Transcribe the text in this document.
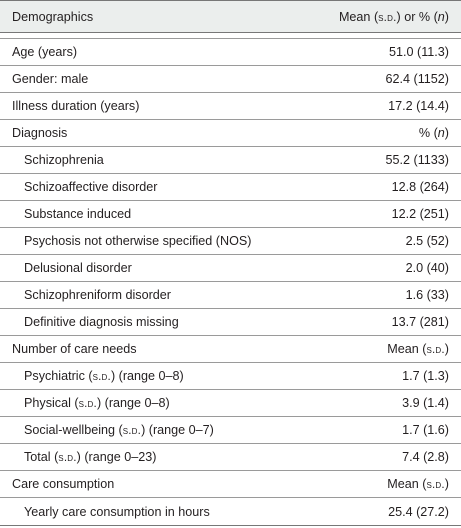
Demographics	Mean (s.d.) or % (n)
Age (years)	51.0 (11.3)
Gender: male	62.4 (1152)
Illness duration (years)	17.2 (14.4)
Diagnosis	% (n)
Schizophrenia	55.2 (1133)
Schizoaffective disorder	12.8 (264)
Substance induced	12.2 (251)
Psychosis not otherwise specified (NOS)	2.5 (52)
Delusional disorder	2.0 (40)
Schizophreniform disorder	1.6 (33)
Definitive diagnosis missing	13.7 (281)
Number of care needs	Mean (s.d.)
Psychiatric (s.d.) (range 0–8)	1.7 (1.3)
Physical (s.d.) (range 0–8)	3.9 (1.4)
Social-wellbeing (s.d.) (range 0–7)	1.7 (1.6)
Total (s.d.) (range 0–23)	7.4 (2.8)
Care consumption	Mean (s.d.)
Yearly care consumption in hours	25.4 (27.2)
